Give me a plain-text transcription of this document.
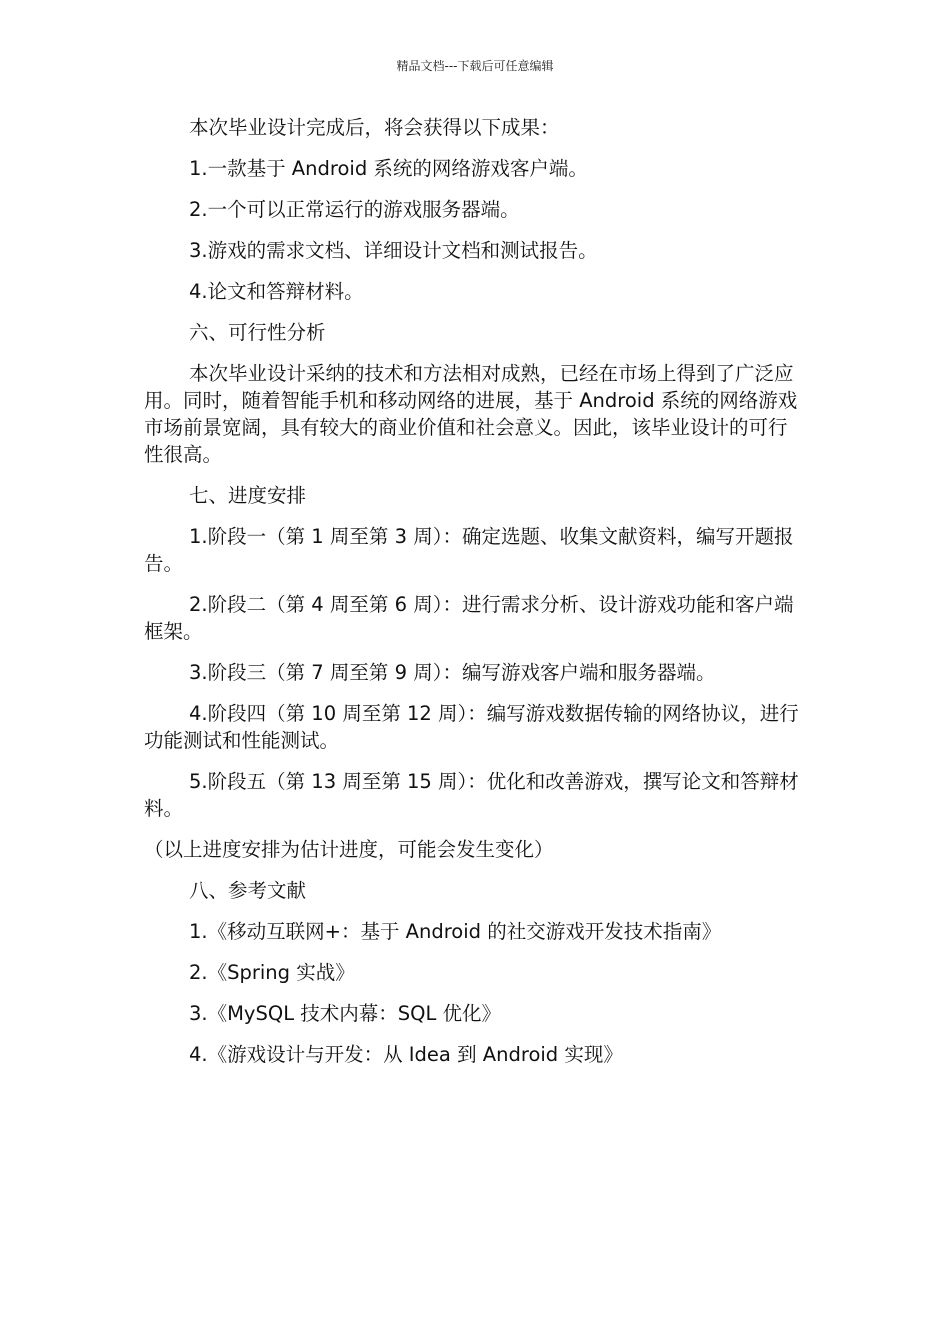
精品文档---下载后可任意编辑

本次毕业设计完成后，将会获得以下成果：

1.一款基于 Android 系统的网络游戏客户端。

2.一个可以正常运行的游戏服务器端。

3.游戏的需求文档、详细设计文档和测试报告。

4.论文和答辩材料。

六、可行性分析

本次毕业设计采纳的技术和方法相对成熟，已经在市场上得到了广泛应用。同时，随着智能手机和移动网络的进展，基于 Android 系统的网络游戏市场前景宽阔，具有较大的商业价值和社会意义。因此，该毕业设计的可行性很高。

七、进度安排

1.阶段一（第 1 周至第 3 周）：确定选题、收集文献资料，编写开题报告。

2.阶段二（第 4 周至第 6 周）：进行需求分析、设计游戏功能和客户端框架。

3.阶段三（第 7 周至第 9 周）：编写游戏客户端和服务器端。

4.阶段四（第 10 周至第 12 周）：编写游戏数据传输的网络协议，进行功能测试和性能测试。

5.阶段五（第 13 周至第 15 周）：优化和改善游戏，撰写论文和答辩材料。

（以上进度安排为估计进度，可能会发生变化）

八、参考文献

1.《移动互联网+：基于 Android 的社交游戏开发技术指南》

2.《Spring 实战》

3.《MySQL 技术内幕：SQL 优化》

4.《游戏设计与开发：从 Idea 到 Android 实现》
